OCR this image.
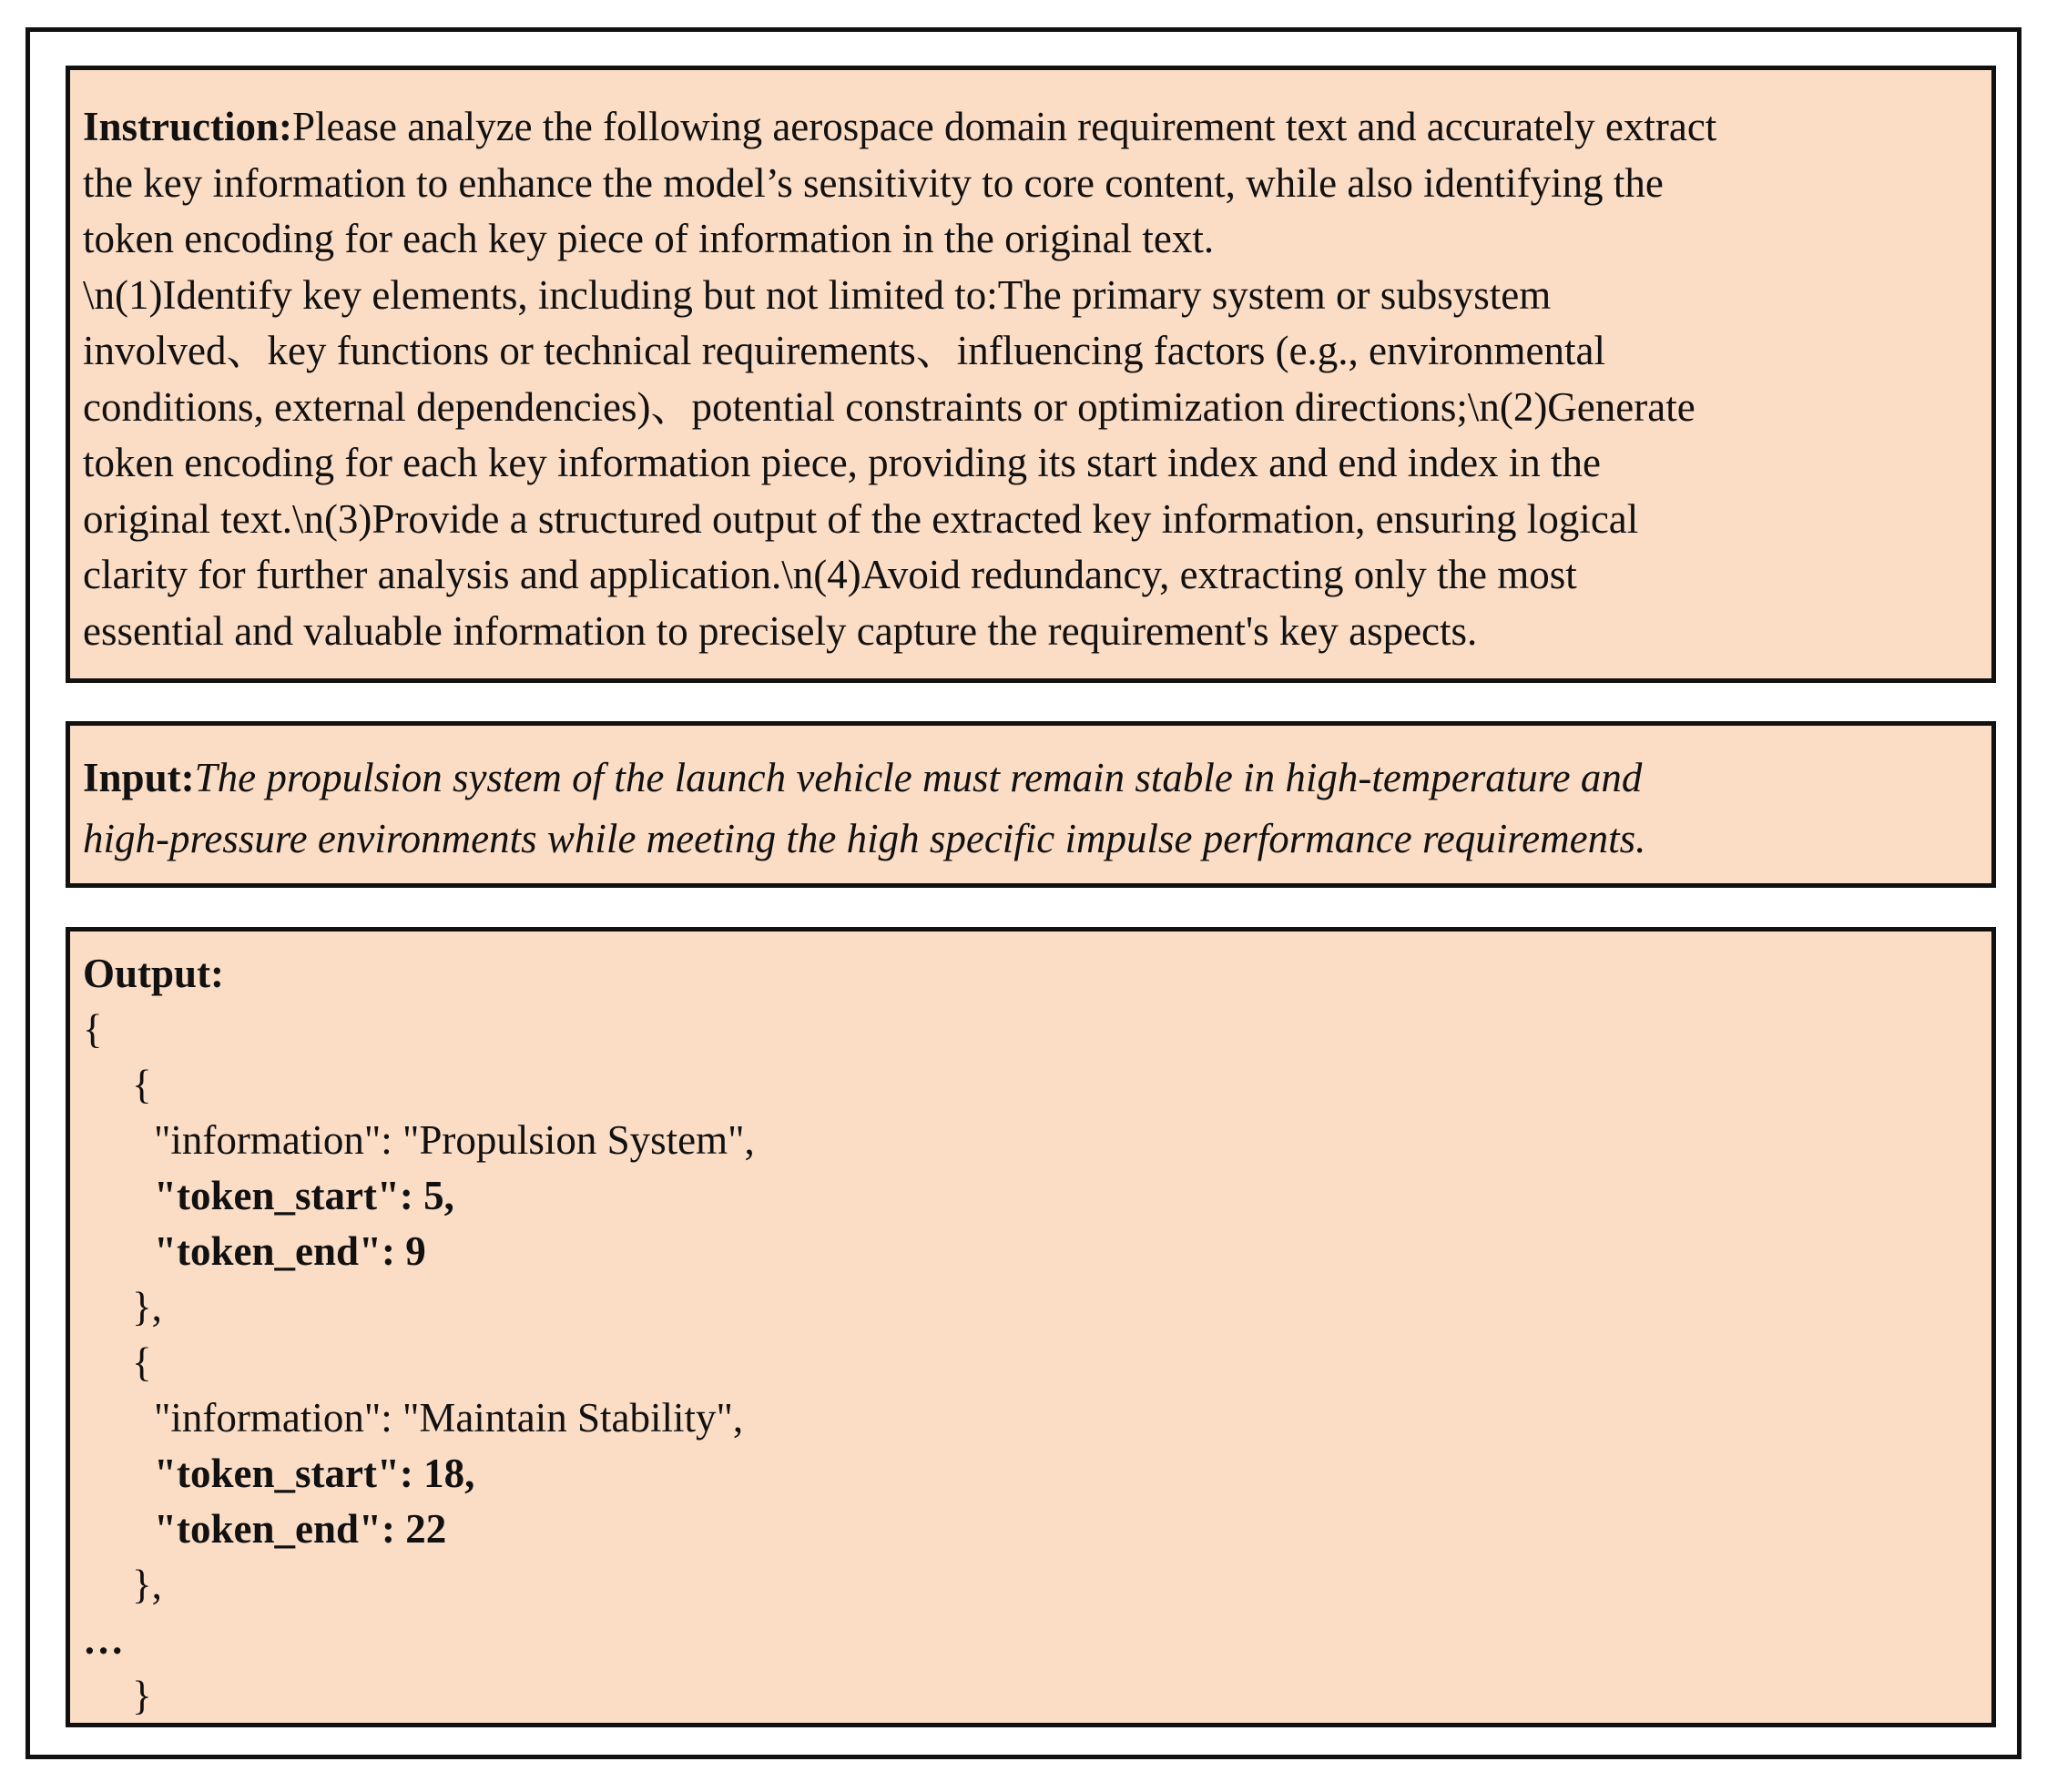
Instruction:Please analyze the following aerospace domain requirement text and accurately extract
the key information to enhance the model’s sensitivity to core content, while also identifying the
token encoding for each key piece of information in the original text.
\n(1)Identify key elements, including but not limited to:The primary system or subsystem
involved、key functions or technical requirements、influencing factors (e.g., environmental
conditions, external dependencies)、potential constraints or optimization directions;\n(2)Generate
token encoding for each key information piece, providing its start index and end index in the
original text.\n(3)Provide a structured output of the extracted key information, ensuring logical
clarity for further analysis and application.\n(4)Avoid redundancy, extracting only the most
essential and valuable information to precisely capture the requirement's key aspects.
Input:The propulsion system of the launch vehicle must remain stable in high-temperature and
high-pressure environments while meeting the high specific impulse performance requirements.
Output:
{
{
"information": "Propulsion System",
"token_start": 5,
"token_end": 9
},
{
"information": "Maintain Stability",
"token_start": 18,
"token_end": 22
},
…
}
